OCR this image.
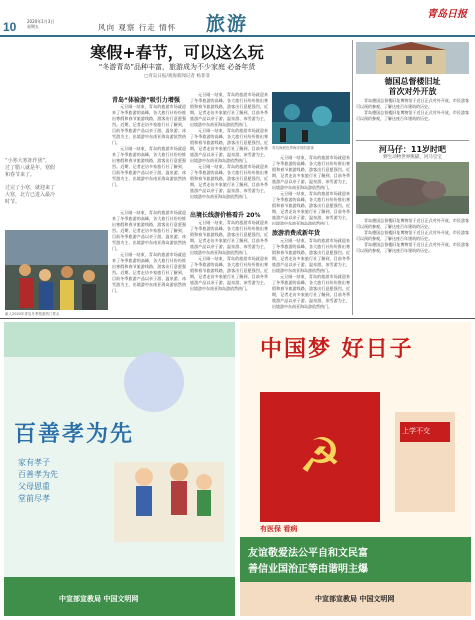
10	2020年1月3日
星期五	风向 观察 行走 情怀 旅游	青岛日报
寒假+春节，可以这么玩
“冬游青岛”品种丰富，旅游成为不少家庭 必备年货
□青岛日报/观海新闻记者 杨菲菲

“小寒大寒冻作团”，过了腊八就是年，寒假和春节来了。

过完了小寒，就迎来了大寒，北方已进入最冷时节。

新人2020年青岛冬季旅游热门景点
青岛“体验游”吸引力增强

元旦刚一结束，青岛的旅游市场就迎来了冬季旅游的高峰，各大旅行社纷纷推出寒假和春节旅游线路，游客出行意愿强烈。近期，记者走访多家旅行社了解到，目前冬季旅游产品以亲子游、温泉游、冰雪游为主，出境游中东南亚海岛游依然热门。

元旦刚一结束，青岛的旅游市场就迎来了冬季旅游的高峰，各大旅行社纷纷推出寒假和春节旅游线路，游客出行意愿强烈。近期，记者走访多家旅行社了解到，目前冬季旅游产品以亲子游、温泉游、冰雪游为主，出境游中东南亚海岛游依然热门。

元旦刚一结束，青岛的旅游市场就迎来了冬季旅游的高峰，各大旅行社纷纷推出寒假和春节旅游线路，游客出行意愿强烈。近期，记者走访多家旅行社了解到，目前冬季旅游产品以亲子游、温泉游、冰雪游为主，出境游中东南亚海岛游依然热门。

元旦刚一结束，青岛的旅游市场就迎来了冬季旅游的高峰，各大旅行社纷纷推出寒假和春节旅游线路，游客出行意愿强烈。近期，记者走访多家旅行社了解到，目前冬季旅游产品以亲子游、温泉游、冰雪游为主，出境游中东南亚海岛游依然热门。

元旦刚一结束，青岛的旅游市场就迎来了冬季旅游的高峰，各大旅行社纷纷推出寒假和春节旅游线路，游客出行意愿强烈。近期，记者走访多家旅行社了解到，目前冬季旅游产品以亲子游、温泉游、冰雪游为主，出境游中东南亚海岛游依然热门。

元旦刚一结束，青岛的旅游市场就迎来了冬季旅游的高峰，各大旅行社纷纷推出寒假和春节旅游线路，游客出行意愿强烈。近期，记者走访多家旅行社了解到，目前冬季旅游产品以亲子游、温泉游、冰雪游为主，出境游中东南亚海岛游依然热门。

元旦刚一结束，青岛的旅游市场就迎来了冬季旅游的高峰，各大旅行社纷纷推出寒假和春节旅游线路，游客出行意愿强烈。近期，记者走访多家旅行社了解到，目前冬季旅游产品以亲子游、温泉游、冰雪游为主，出境游中东南亚海岛游依然热门。

青岛海底世界海洋馆的游客
出境长线游价格看升 20%

元旦刚一结束，青岛的旅游市场就迎来了冬季旅游的高峰，各大旅行社纷纷推出寒假和春节旅游线路，游客出行意愿强烈。近期，记者走访多家旅行社了解到，目前冬季旅游产品以亲子游、温泉游、冰雪游为主，出境游中东南亚海岛游依然热门。

元旦刚一结束，青岛的旅游市场就迎来了冬季旅游的高峰，各大旅行社纷纷推出寒假和春节旅游线路，游客出行意愿强烈。近期，记者走访多家旅行社了解到，目前冬季旅游产品以亲子游、温泉游、冰雪游为主，出境游中东南亚海岛游依然热门。

元旦刚一结束，青岛的旅游市场就迎来了冬季旅游的高峰，各大旅行社纷纷推出寒假和春节旅游线路，游客出行意愿强烈。近期，记者走访多家旅行社了解到，目前冬季旅游产品以亲子游、温泉游、冰雪游为主，出境游中东南亚海岛游依然热门。

元旦刚一结束，青岛的旅游市场就迎来了冬季旅游的高峰，各大旅行社纷纷推出寒假和春节旅游线路，游客出行意愿强烈。近期，记者走访多家旅行社了解到，目前冬季旅游产品以亲子游、温泉游、冰雪游为主，出境游中东南亚海岛游依然热门。

旅游消费成新年货

元旦刚一结束，青岛的旅游市场就迎来了冬季旅游的高峰，各大旅行社纷纷推出寒假和春节旅游线路，游客出行意愿强烈。近期，记者走访多家旅行社了解到，目前冬季旅游产品以亲子游、温泉游、冰雪游为主，出境游中东南亚海岛游依然热门。

元旦刚一结束，青岛的旅游市场就迎来了冬季旅游的高峰，各大旅行社纷纷推出寒假和春节旅游线路，游客出行意愿强烈。近期，记者走访多家旅行社了解到，目前冬季旅游产品以亲子游、温泉游、冰雪游为主，出境游中东南亚海岛游依然热门。

德国总督楼旧址
首次对外开放

青岛德国总督楼旧址博物馆于近日正式对外开放，市民游客可以预约参观，了解这座百年建筑的历史。

青岛德国总督楼旧址博物馆于近日正式对外开放，市民游客可以预约参观，了解这座百年建筑的历史。

河马仔：11岁时吧
野生动物世界熊猫、河马宝宝

青岛德国总督楼旧址博物馆于近日正式对外开放，市民游客可以预约参观，了解这座百年建筑的历史。

青岛德国总督楼旧址博物馆于近日正式对外开放，市民游客可以预约参观，了解这座百年建筑的历史。

青岛德国总督楼旧址博物馆于近日正式对外开放，市民游客可以预约参观，了解这座百年建筑的历史。

百善孝为先
家有孝子
百善孝为先
父母恩重
堂前尽孝
中宣部宣教局 中国文明网
☭
中国梦 好日子
上学不交
有医保 看病
友谊敬爱法公平自和文民富
善信业国治正等由谐明主爆
中宣部宣教局 中国文明网
